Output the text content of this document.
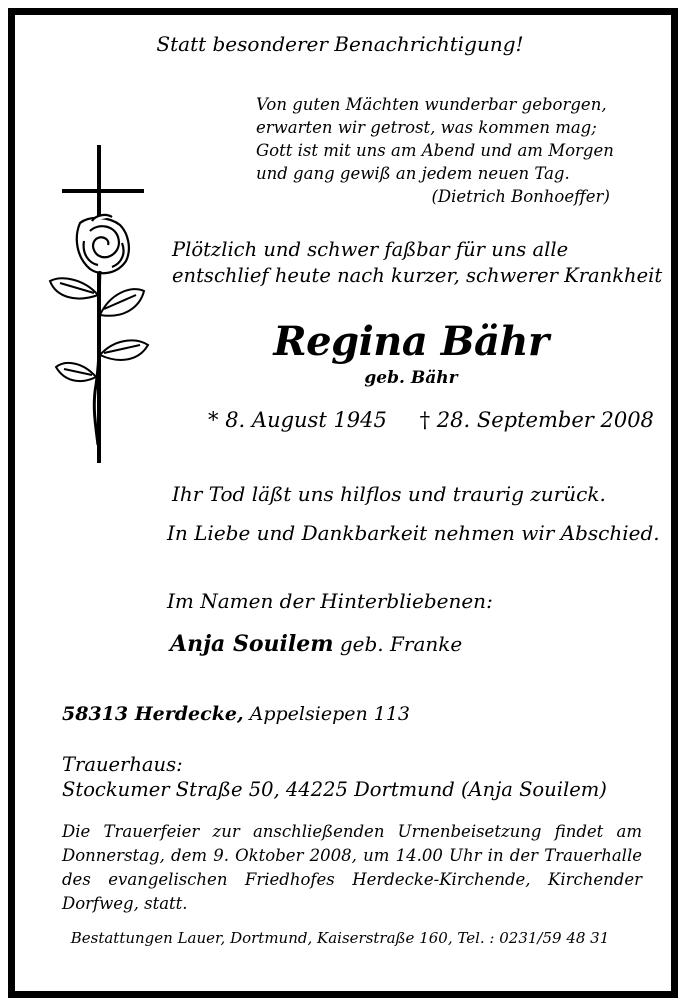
Statt besonderer Benachrichtigung!

Von guten Mächten wunderbar geborgen,
erwarten wir getrost, was kommen mag;
Gott ist mit uns am Abend und am Morgen
und gang gewiß an jedem neuen Tag.
(Dietrich Bonhoeffer)
Plötzlich und schwer faßbar für uns alle
entschlief heute nach kurzer, schwerer Krankheit

Regina Bähr

geb. Bähr

* 8. August 1945 † 28. September 2008

Ihr Tod läßt uns hilflos und traurig zurück.

In Liebe und Dankbarkeit nehmen wir Abschied.

Im Namen der Hinterbliebenen:

Anja Souilem geb. Franke

58313 Herdecke, Appelsiepen 113

Trauerhaus:
Stockumer Straße 50, 44225 Dortmund (Anja Souilem)
Die Trauerfeier zur anschließenden Urnenbeisetzung findet am
Donnerstag, dem 9. Oktober 2008, um 14.00 Uhr in der Trauerhalle
des evangelischen Friedhofes Herdecke-Kirchende, Kirchender
Dorfweg, statt.

Bestattungen Lauer, Dortmund, Kaiserstraße 160, Tel. : 0231/59 48 31
